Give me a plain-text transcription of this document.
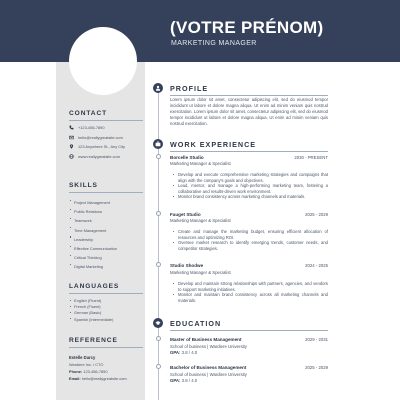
(VOTRE PRÉNOM)
MARKETING MANAGER
CONTACT
+123-456-7890
hello@reallygreatsite.com
123 Anywhere St., Any City
www.reallygreatsite.com
SKILLS
Project Management
Public Relations
Teamwork
Time Management
Leadership
Effective Communication
Critical Thinking
Digital Marketing
LANGUAGES
English (Fluent)
French (Fluent)
German (Basic)
Spanish (Intermediate)
REFERENCE
Estelle Darcy
Wardiere Inc. / CTO
Phone: 123-456-7890
Email: hello@reallygreatsite.com
PROFILE
Lorem ipsum dolor sit amet, consectetur adipiscing elit, sed do eiusmod tempor incididunt ut labore et dolore magna aliqua. Ut enim ad minim veniam quis nostrud exercitation. Lorem ipsum dolor sit amet, consectetur adipiscing elit, sed do eiusmod tempor incididunt ut labore et dolore magna aliqua. Ut enim ad minim veniam quis nostrud exercitation.
WORK EXPERIENCE
Borcelle Studio	2030 - PRESENT
Marketing Manager & Specialist
Develop and execute comprehensive marketing strategies and campaigns that align with the company's goals and objectives.
Lead, mentor, and manage a high-performing marketing team, fostering a collaborative and results-driven work environment.
Monitor brand consistency across marketing channels and materials.
Fauget Studio	2025 - 2029
Marketing Manager & Specialist
Create and manage the marketing budget, ensuring efficient allocation of resources and optimizing ROI.
Oversee market research to identify emerging trends, customer needs, and competitor strategies.
Studio Shodwe	2024 - 2025
Marketing Manager & Specialist
Develop and maintain strong relationships with partners, agencies, and vendors to support marketing initiatives.
Monitor and maintain brand consistency across all marketing channels and materials.
EDUCATION
Master of Business Management	2029 - 2031
School of business | Wardiere University
GPA: 3.8 / 4.0
Bachelor of Business Management	2025 - 2029
School of business | Wardiere University
GPA: 3.8 / 4.0
